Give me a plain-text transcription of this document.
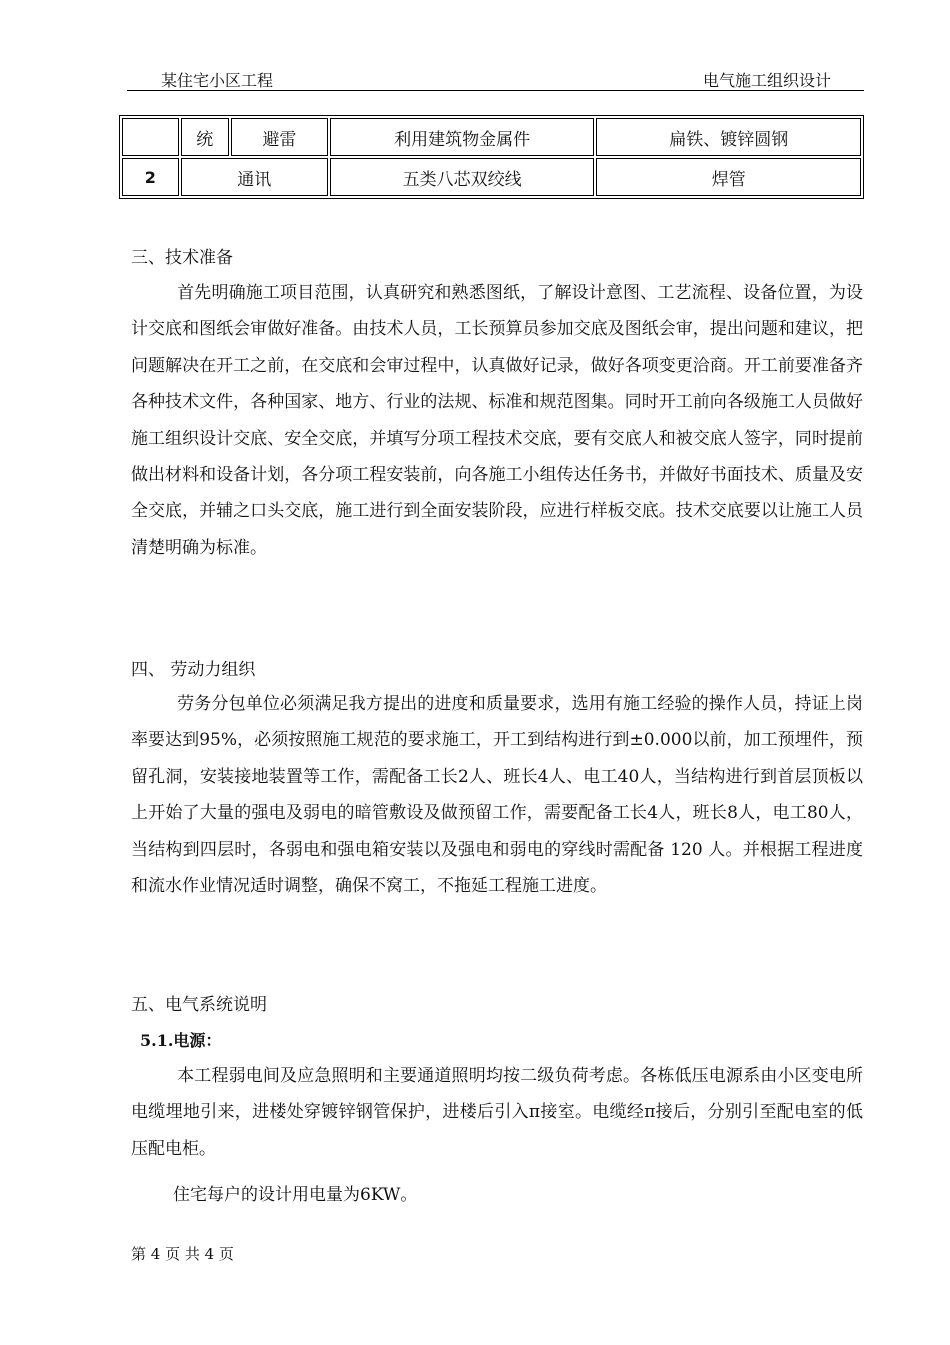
某住宅小区工程	电气施工组织设计
	统	避雷	利用建筑物金属件	扁铁、镀锌圆钢
2	通讯		五类八芯双绞线	焊管
三、技术准备
首先明确施工项目范围，认真研究和熟悉图纸，了解设计意图、工艺流程、设备位置，为设计交底和图纸会审做好准备。由技术人员，工长预算员参加交底及图纸会审，提出问题和建议，把问题解决在开工之前，在交底和会审过程中，认真做好记录，做好各项变更洽商。开工前要准备齐各种技术文件，各种国家、地方、行业的法规、标准和规范图集。同时开工前向各级施工人员做好施工组织设计交底、安全交底，并填写分项工程技术交底，要有交底人和被交底人签字，同时提前做出材料和设备计划，各分项工程安装前，向各施工小组传达任务书，并做好书面技术、质量及安全交底，并辅之口头交底，施工进行到全面安装阶段，应进行样板交底。技术交底要以让施工人员清楚明确为标准。
四、 劳动力组织
劳务分包单位必须满足我方提出的进度和质量要求，选用有施工经验的操作人员，持证上岗率要达到95%，必须按照施工规范的要求施工，开工到结构进行到±0.000以前，加工预埋件，预留孔洞，安装接地装置等工作，需配备工长2人、班长4人、电工40人，当结构进行到首层顶板以上开始了大量的强电及弱电的暗管敷设及做预留工作，需要配备工长4人，班长8人，电工80人，当结构到四层时，各弱电和强电箱安装以及强电和弱电的穿线时需配备 120 人。并根据工程进度和流水作业情况适时调整，确保不窝工，不拖延工程施工进度。
五、电气系统说明
5.1.电源：
本工程弱电间及应急照明和主要通道照明均按二级负荷考虑。各栋低压电源系由小区变电所电缆埋地引来，进楼处穿镀锌钢管保护，进楼后引入π接室。电缆经π接后，分别引至配电室的低压配电柜。
住宅每户的设计用电量为6KW。
第 4 页 共 4 页
